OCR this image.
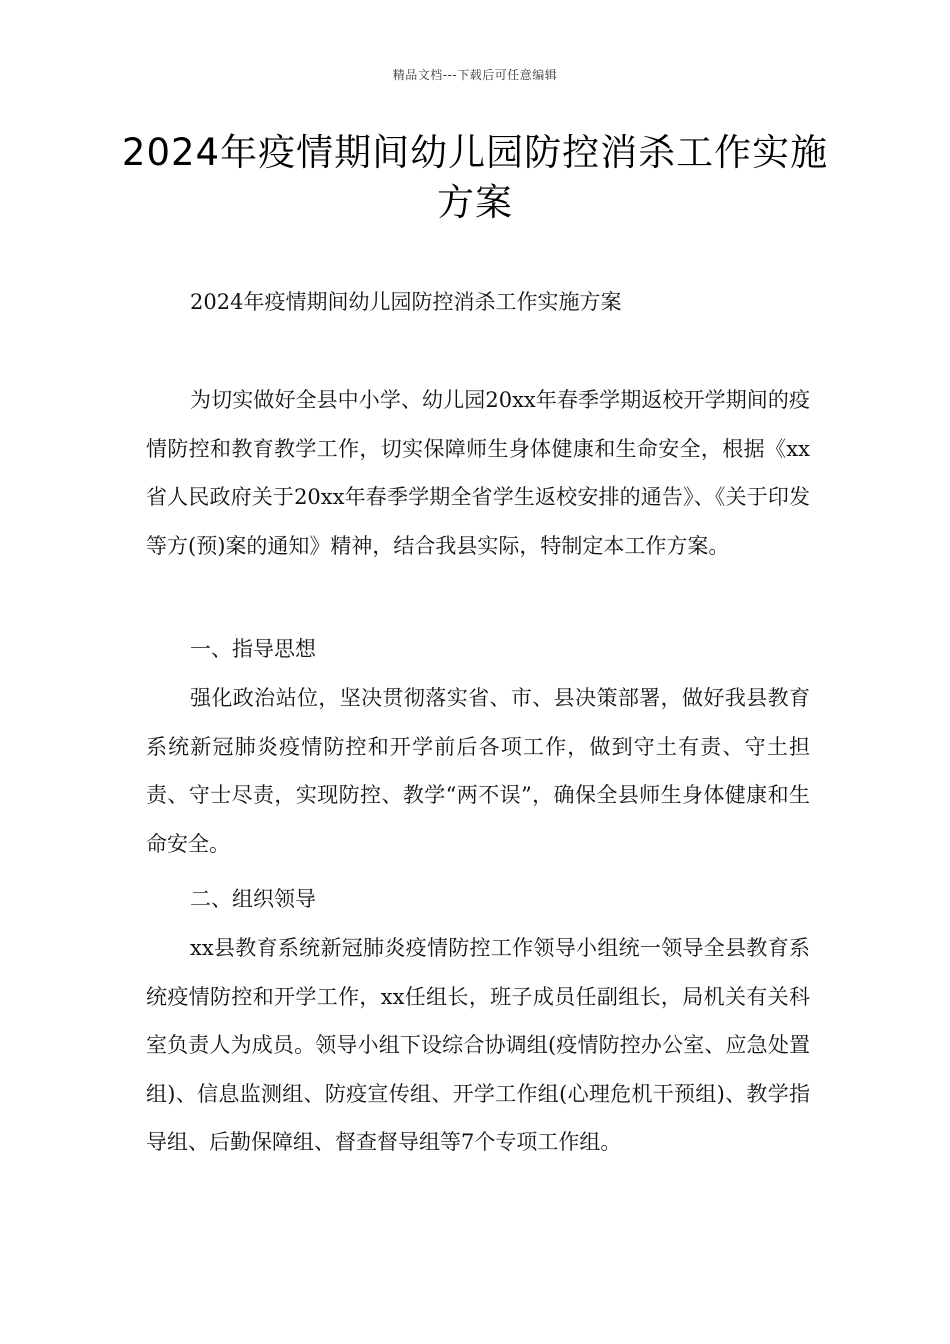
精品文档---下载后可任意编辑
2024年疫情期间幼儿园防控消杀工作实施方案
2024年疫情期间幼儿园防控消杀工作实施方案
为切实做好全县中小学、幼儿园20xx年春季学期返校开学期间的疫情防控和教育教学工作，切实保障师生身体健康和生命安全，根据《xx省人民政府关于20xx年春季学期全省学生返校安排的通告》、《关于印发等方(预)案的通知》精神，结合我县实际，特制定本工作方案。
一、指导思想
强化政治站位，坚决贯彻落实省、市、县决策部署，做好我县教育系统新冠肺炎疫情防控和开学前后各项工作，做到守土有责、守土担责、守士尽责，实现防控、教学“两不误”，确保全县师生身体健康和生命安全。
二、组织领导
xx县教育系统新冠肺炎疫情防控工作领导小组统一领导全县教育系统疫情防控和开学工作，xx任组长，班子成员任副组长，局机关有关科室负责人为成员。领导小组下设综合协调组(疫情防控办公室、应急处置组)、信息监测组、防疫宣传组、开学工作组(心理危机干预组)、教学指导组、后勤保障组、督查督导组等7个专项工作组。
